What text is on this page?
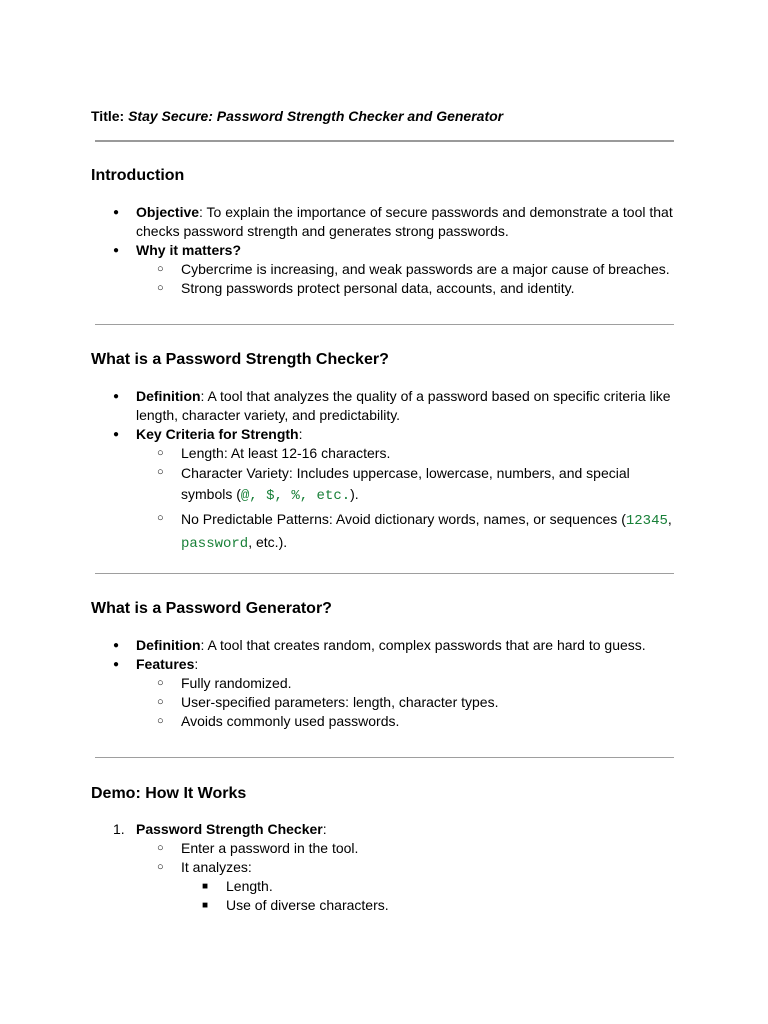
Title: Stay Secure: Password Strength Checker and Generator
Introduction
● Objective: To explain the importance of secure passwords and demonstrate a tool that checks password strength and generates strong passwords.
● Why it matters?
○ Cybercrime is increasing, and weak passwords are a major cause of breaches.
○ Strong passwords protect personal data, accounts, and identity.
What is a Password Strength Checker?
● Definition: A tool that analyzes the quality of a password based on specific criteria like length, character variety, and predictability.
● Key Criteria for Strength:
○ Length: At least 12-16 characters.
○ Character Variety: Includes uppercase, lowercase, numbers, and special symbols (@, $, %, etc.).
○ No Predictable Patterns: Avoid dictionary words, names, or sequences (12345, password, etc.).
What is a Password Generator?
● Definition: A tool that creates random, complex passwords that are hard to guess.
● Features:
○ Fully randomized.
○ User-specified parameters: length, character types.
○ Avoids commonly used passwords.
Demo: How It Works
1. Password Strength Checker:
○ Enter a password in the tool.
○ It analyzes:
■ Length.
■ Use of diverse characters.
